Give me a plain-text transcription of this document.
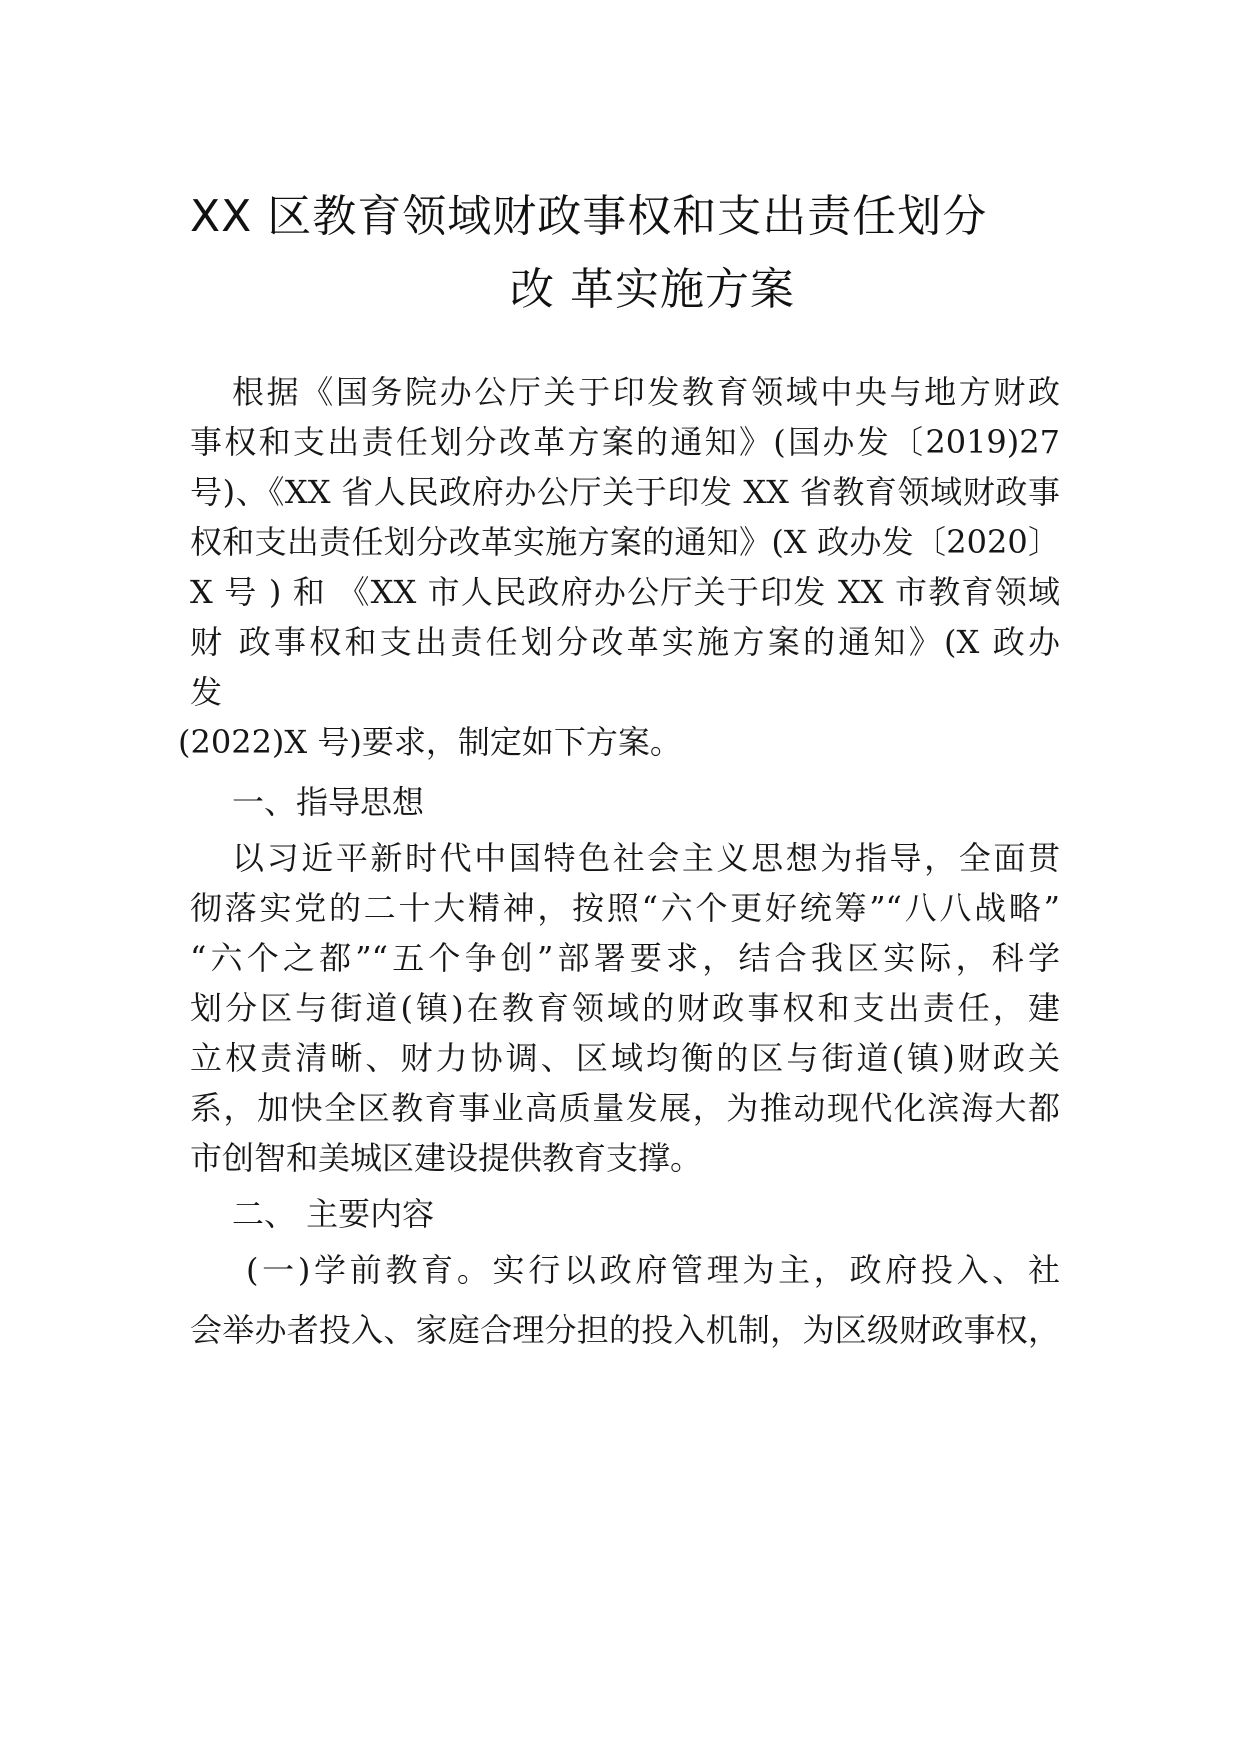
XX 区教育领域财政事权和支出责任划分
改 革实施方案
根据《国务院办公厅关于印发教育领域中央与地方财政
事权和支出责任划分改革方案的通知》(国办发〔2019)27
号)、《XX 省人民政府办公厅关于印发 XX 省教育领域财政事
权和支出责任划分改革实施方案的通知》(X 政办发〔2020〕
X 号 ) 和 《XX 市人民政府办公厅关于印发 XX 市教育领域
财 政事权和支出责任划分改革实施方案的通知》(X 政办
发
(2022)X 号)要求，制定如下方案。
一、指导思想
以习近平新时代中国特色社会主义思想为指导，全面贯
彻落实党的二十大精神，按照“六个更好统筹”“八八战略”
“六个之都”“五个争创”部署要求，结合我区实际，科学
划分区与街道(镇)在教育领域的财政事权和支出责任，建
立权责清晰、财力协调、区域均衡的区与街道(镇)财政关
系，加快全区教育事业高质量发展，为推动现代化滨海大都
市创智和美城区建设提供教育支撑。
二、 主要内容
(一)学前教育。实行以政府管理为主，政府投入、社
会举办者投入、家庭合理分担的投入机制，为区级财政事权，
